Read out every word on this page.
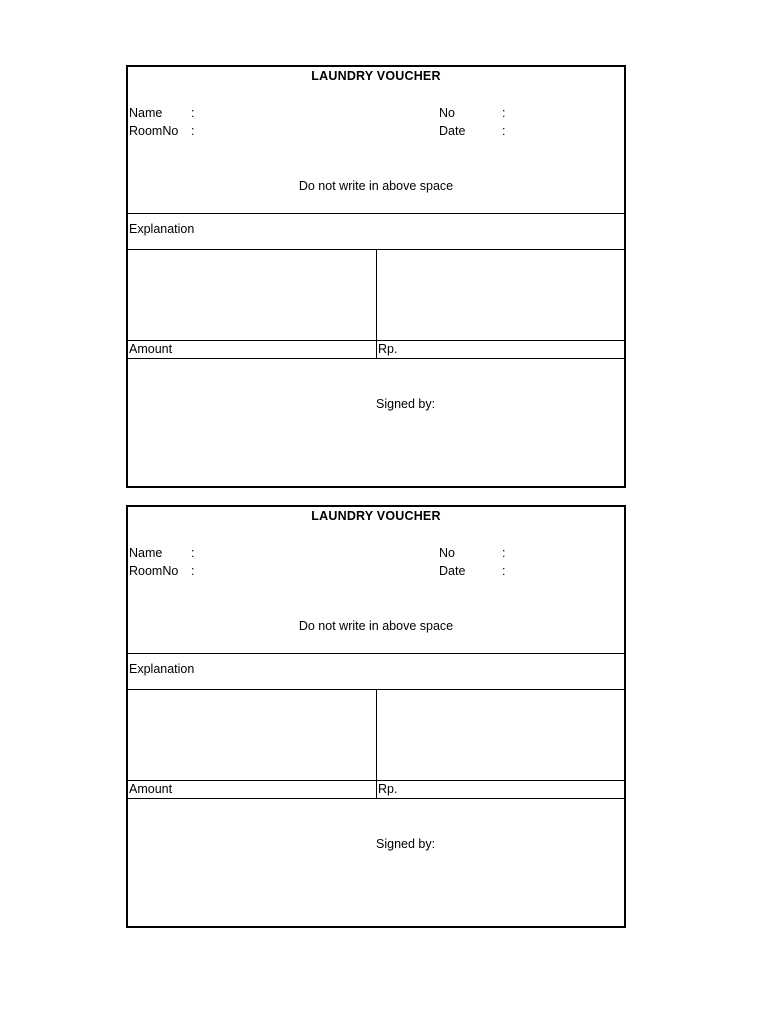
LAUNDRY VOUCHER
Name :
RoomNo :
No	:
Date	:
Do not write in above space
Explanation
Amount	Rp.
Signed by:
LAUNDRY VOUCHER
Name :
RoomNo :
No	:
Date	:
Do not write in above space
Explanation
Amount	Rp.
Signed by:
